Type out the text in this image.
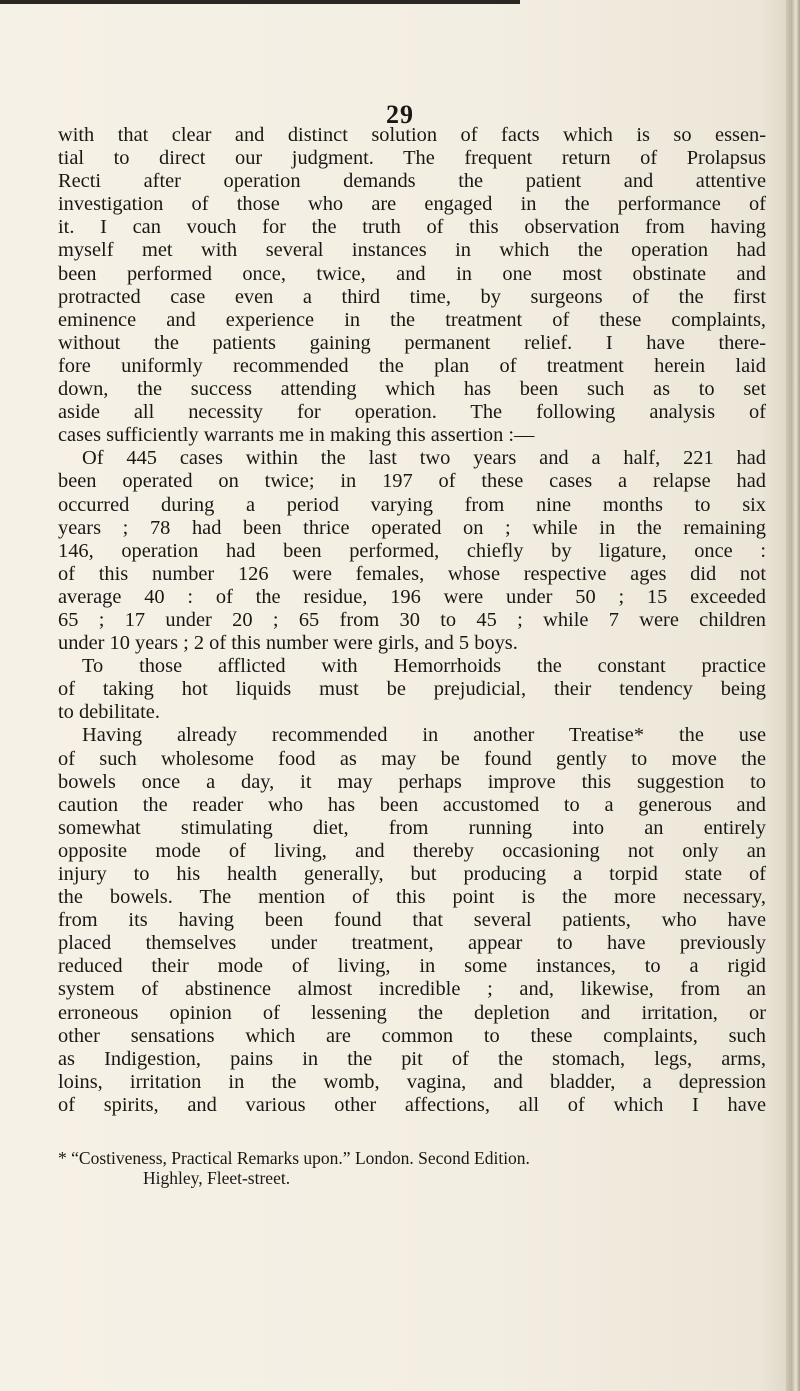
29
with that clear and distinct solution of facts which is so essen-
tial to direct our judgment. The frequent return of Prolapsus
Recti after operation demands the patient and attentive
investigation of those who are engaged in the performance of
it. I can vouch for the truth of this observation from having
myself met with several instances in which the operation had
been performed once, twice, and in one most obstinate and
protracted case even a third time, by surgeons of the first
eminence and experience in the treatment of these complaints,
without the patients gaining permanent relief. I have there-
fore uniformly recommended the plan of treatment herein laid
down, the success attending which has been such as to set
aside all necessity for operation. The following analysis of
cases sufficiently warrants me in making this assertion :—
Of 445 cases within the last two years and a half, 221 had
been operated on twice; in 197 of these cases a relapse had
occurred during a period varying from nine months to six
years ; 78 had been thrice operated on ; while in the remaining
146, operation had been performed, chiefly by ligature, once :
of this number 126 were females, whose respective ages did not
average 40 : of the residue, 196 were under 50 ; 15 exceeded
65 ; 17 under 20 ; 65 from 30 to 45 ; while 7 were children
under 10 years ; 2 of this number were girls, and 5 boys.
To those afflicted with Hemorrhoids the constant practice
of taking hot liquids must be prejudicial, their tendency being
to debilitate.
Having already recommended in another Treatise* the use
of such wholesome food as may be found gently to move the
bowels once a day, it may perhaps improve this suggestion to
caution the reader who has been accustomed to a generous and
somewhat stimulating diet, from running into an entirely
opposite mode of living, and thereby occasioning not only an
injury to his health generally, but producing a torpid state of
the bowels. The mention of this point is the more necessary,
from its having been found that several patients, who have
placed themselves under treatment, appear to have previously
reduced their mode of living, in some instances, to a rigid
system of abstinence almost incredible ; and, likewise, from an
erroneous opinion of lessening the depletion and irritation, or
other sensations which are common to these complaints, such
as Indigestion, pains in the pit of the stomach, legs, arms,
loins, irritation in the womb, vagina, and bladder, a depression
of spirits, and various other affections, all of which I have
* “Costiveness, Practical Remarks upon.” London. Second Edition.
Highley, Fleet-street.
